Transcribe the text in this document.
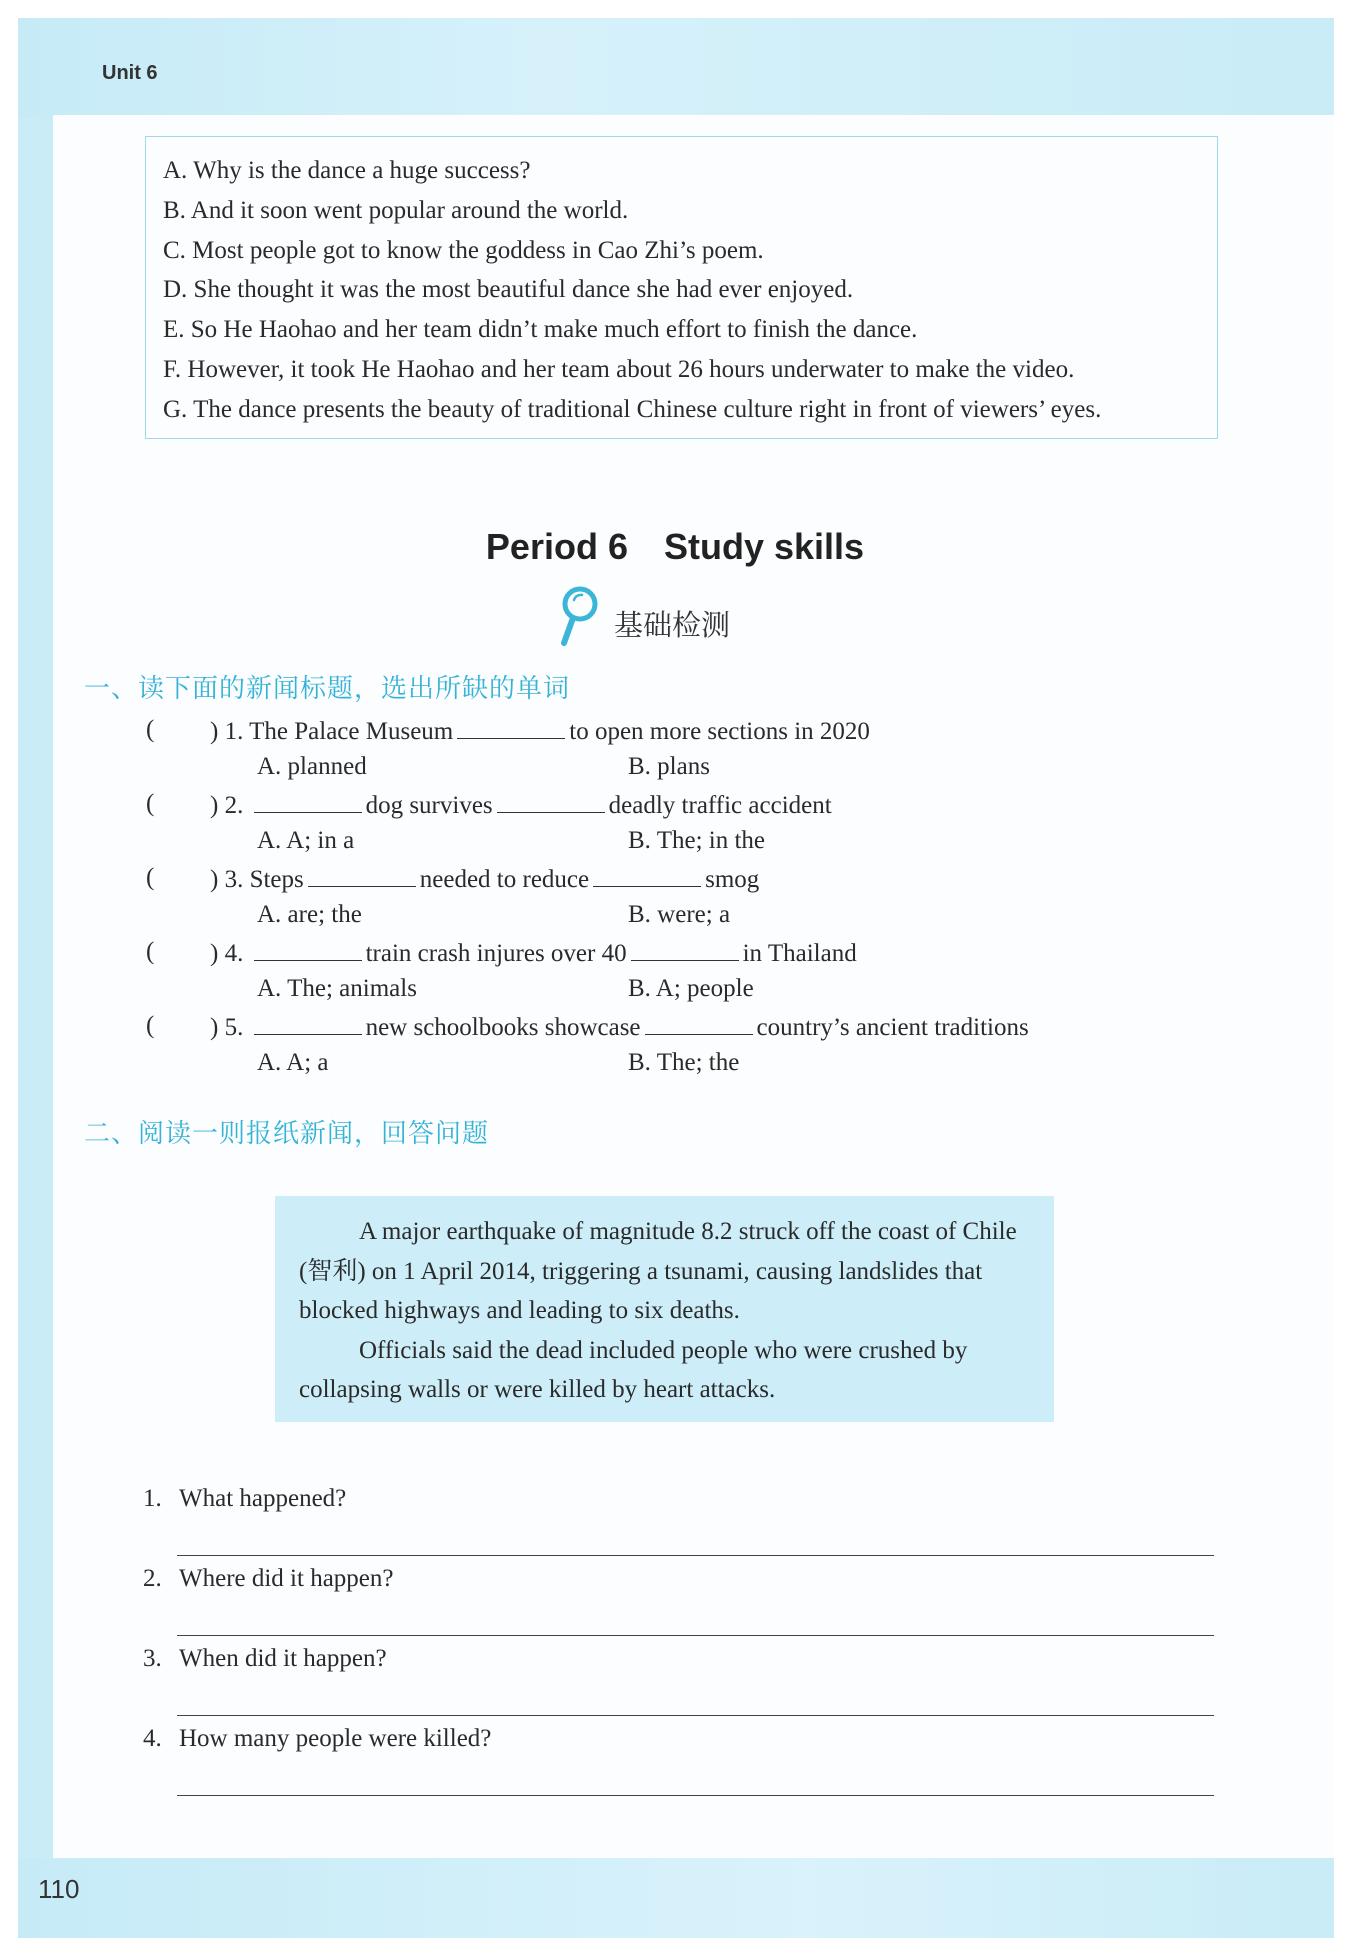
Unit 6
110
A. Why is the dance a huge success?
B. And it soon went popular around the world.
C. Most people got to know the goddess in Cao Zhi’s poem.
D. She thought it was the most beautiful dance she had ever enjoyed.
E. So He Haohao and her team didn’t make much effort to finish the dance.
F. However, it took He Haohao and her team about 26 hours underwater to make the video.
G. The dance presents the beauty of traditional Chinese culture right in front of viewers’ eyes.
Period 6 Study skills
基础检测
一、读下面的新闻标题，选出所缺的单词
( ) 1. The Palace Museum	to open more sections in 2020
A. planned	B. plans
( ) 2.	dog survives	deadly traffic accident
A. A; in a	B. The; in the
( ) 3. Steps	needed to reduce	smog
A. are; the	B. were; a
( ) 4.	train crash injures over 40	in Thailand
A. The; animals	B. A; people
( ) 5.	new schoolbooks showcase	country’s ancient traditions
A. A; a	B. The; the
二、阅读一则报纸新闻，回答问题

A major earthquake of magnitude 8.2 struck off the coast of Chile (智利) on 1 April 2014, triggering a tsunami, causing landslides that blocked highways and leading to six deaths.

Officials said the dead included people who were crushed by collapsing walls or were killed by heart attacks.

1. What happened?
2. Where did it happen?
3. When did it happen?
4. How many people were killed?
